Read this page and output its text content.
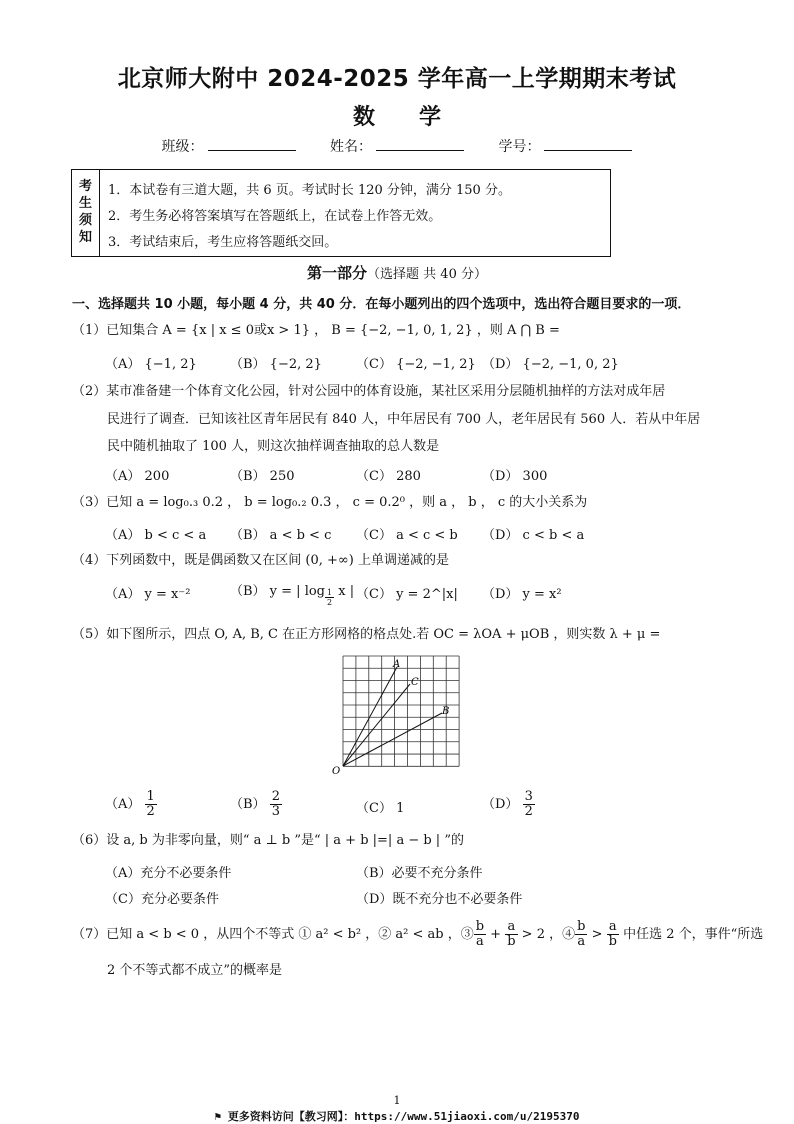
北京师大附中 2024-2025 学年高一上学期期末考试
数 学
班级：	姓名：	学号：
考
生
须
知
1．本试卷有三道大题，共 6 页。考试时长 120 分钟，满分 150 分。
2．考生务必将答案填写在答题纸上，在试卷上作答无效。
3．考试结束后，考生应将答题纸交回。
第一部分（选择题 共 40 分）
一、选择题共 10 小题，每小题 4 分，共 40 分．在每小题列出的四个选项中，选出符合题目要求的一项．
（1）已知集合 A = {x | x ≤ 0或x > 1} ， B = {−2, −1, 0, 1, 2} ，则 A ⋂ B =
（A） {−1, 2}	（B） {−2, 2}	（C） {−2, −1, 2} （D） {−2, −1, 0, 2}
（2）某市准备建一个体育文化公园，针对公园中的体育设施，某社区采用分层随机抽样的方法对成年居
民进行了调查．已知该社区青年居民有 840 人，中年居民有 700 人，老年居民有 560 人．若从中年居
民中随机抽取了 100 人，则这次抽样调查抽取的总人数是
（A） 200	（B） 250	（C） 280	（D） 300
（3）已知 a = log₀.₃ 0.2 ， b = log₀.₂ 0.3 ， c = 0.2⁰ ，则 a ， b ， c 的大小关系为
（A） b < c < a （B） a < b < c （C） a < c < b （D） c < b < a
（4）下列函数中，既是偶函数又在区间 (0, +∞) 上单调递减的是
（A） y = x⁻²	（B） y = | $\log \frac{1}{2}$ x | （C） y = 2^|x| （D） y = x²
（5）如下图所示，四点 O, A, B, C 在正方形网格的格点处.若 OC = λOA + μOB ，则实数 λ + μ =
A
C
B
O
$(A) \frac{1}{2}$	$(B) \frac{2}{3}$	（C） 1	$(D) \frac{3}{2}$
（6）设 a, b 为非零向量，则“ a ⊥ b ”是“ | a + b |=| a − b | ”的
（A）充分不必要条件	（B）必要不充分条件
（C）充分必要条件	（D）既不充分也不必要条件
（7）已知 a < b < 0 ，从四个不等式 ① a² < b² ，② a² < ab ，③ $\frac{b}{a} + \frac{a}{b} > 2$ ，④ $\frac{b}{a} > \frac{a}{b}$ 中任选 2 个，事件“所选
2 个不等式都不成立”的概率是
1
⚑ 更多资料访问【教习网】：https://www.51jiaoxi.com/u/2195370
